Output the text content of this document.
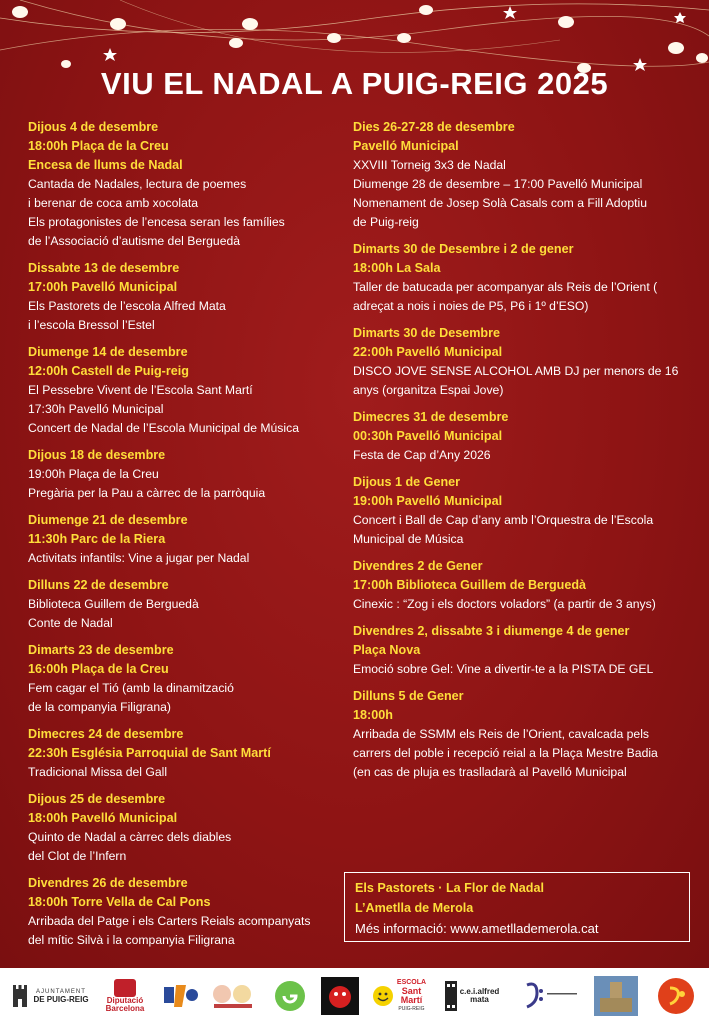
VIU EL NADAL A PUIG-REIG 2025
Dijous 4 de desembre
18:00h Plaça de la Creu
Encesa de llums de Nadal
Cantada de Nadales, lectura de poemes
i berenar de coca amb xocolata
Els protagonistes de l’encesa seran les famílies
de l’Associació d’autisme del Berguedà
Dissabte 13 de desembre
17:00h Pavelló Municipal
Els Pastorets de l’escola Alfred Mata
i l’escola Bressol l’Estel
Diumenge 14 de desembre
12:00h Castell de Puig-reig
El Pessebre Vivent de l’Escola Sant Martí
17:30h Pavelló Municipal
Concert de Nadal de l’Escola Municipal de Música
Dijous 18 de desembre
19:00h Plaça de la Creu
Pregària per la Pau a càrrec de la parròquia
Diumenge 21 de desembre
11:30h Parc de la Riera
Activitats infantils: Vine a jugar per Nadal
Dilluns 22 de desembre
Biblioteca Guillem de Berguedà
Conte de Nadal
Dimarts 23 de desembre
16:00h Plaça de la Creu
Fem cagar el Tió (amb la dinamització
de la companyia Filigrana)
Dimecres 24 de desembre
22:30h Església Parroquial de Sant Martí
Tradicional Missa del Gall
Dijous 25 de desembre
18:00h Pavelló Municipal
Quinto de Nadal a càrrec dels diables
del Clot de l’Infern
Divendres 26 de desembre
18:00h Torre Vella de Cal Pons
Arribada del Patge i els Carters Reials acompanyats
del mític Silvà i la companyia Filigrana
Dies 26-27-28 de desembre
Pavelló Municipal
XXVIII Torneig 3x3 de Nadal
Diumenge 28 de desembre – 17:00 Pavelló Municipal
Nomenament de Josep Solà Casals com a Fill Adoptiu
de Puig-reig
Dimarts 30 de Desembre i 2 de gener
18:00h La Sala
Taller de batucada per acompanyar als Reis de l’Orient (
adreçat a nois i noies de P5, P6 i 1º d’ESO)
Dimarts 30 de Desembre
22:00h Pavelló Municipal
DISCO JOVE SENSE ALCOHOL AMB DJ per menors de 16
anys (organitza Espai Jove)
Dimecres 31 de desembre
00:30h Pavelló Municipal
Festa de Cap d’Any 2026
Dijous 1 de Gener
19:00h Pavelló Municipal
Concert i Ball de Cap d’any amb l’Orquestra de l’Escola
Municipal de Música
Divendres 2 de Gener
17:00h Biblioteca Guillem de Berguedà
Cinexic : “Zog i els doctors voladors” (a partir de 3 anys)
Divendres 2, dissabte 3 i diumenge 4 de gener
Plaça Nova
Emoció sobre Gel: Vine a divertir-te a la PISTA DE GEL
Dilluns 5 de Gener
18:00h
Arribada de SSMM els Reis de l’Orient, cavalcada pels
carrers del poble i recepció reial a la Plaça Mestre Badia
(en cas de pluja es traslladarà al Pavelló Municipal
Els Pastorets · La Flor de Nadal
L’Ametlla de Merola
Més informació: www.ametllademerola.cat
AJUNTAMENT
DE PUIG-REIG Diputació
Barcelona
ESCOLA
Sant
Martí
PUIG-REIG
c.e.i.alfred
mata
